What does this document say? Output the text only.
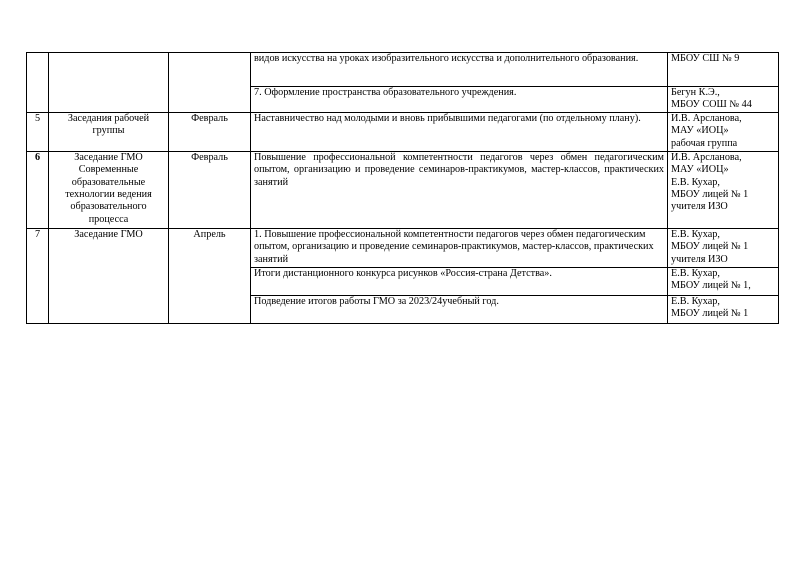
			видов искусства на уроках изобразительного искусства и дополнительного образования.	МБОУ СШ № 9

			7. Оформление пространства образовательного учреждения.	Бегун К.Э.,
МБОУ СОШ № 44

5	Заседания рабочей группы	Февраль	Наставничество над молодыми и вновь прибывшими педагогами (по отдельному плану).	И.В. Арсланова,
МАУ «ИОЦ»
рабочая группа

6	Заседание ГМО Современные образовательные технологии ведения образовательного процесса	Февраль	Повышение профессиональной компетентности педагогов через обмен педагогическим опытом, организацию и проведение семинаров-практикумов, мастер-классов, практических занятий	И.В. Арсланова,
МАУ «ИОЦ»
Е.В. Кухар,
МБОУ лицей № 1
учителя ИЗО

7	Заседание ГМО	Апрель	1. Повышение профессиональной компетентности педагогов через обмен педагогическим опытом, организацию и проведение семинаров-практикумов, мастер-классов, практических занятий	Е.В. Кухар,
МБОУ лицей № 1
учителя ИЗО

			Итоги дистанционного конкурса рисунков «Россия-страна Детства».	Е.В. Кухар,
МБОУ лицей № 1,

			Подведение итогов работы ГМО за 2023/24учебный год.	Е.В. Кухар,
МБОУ лицей № 1
